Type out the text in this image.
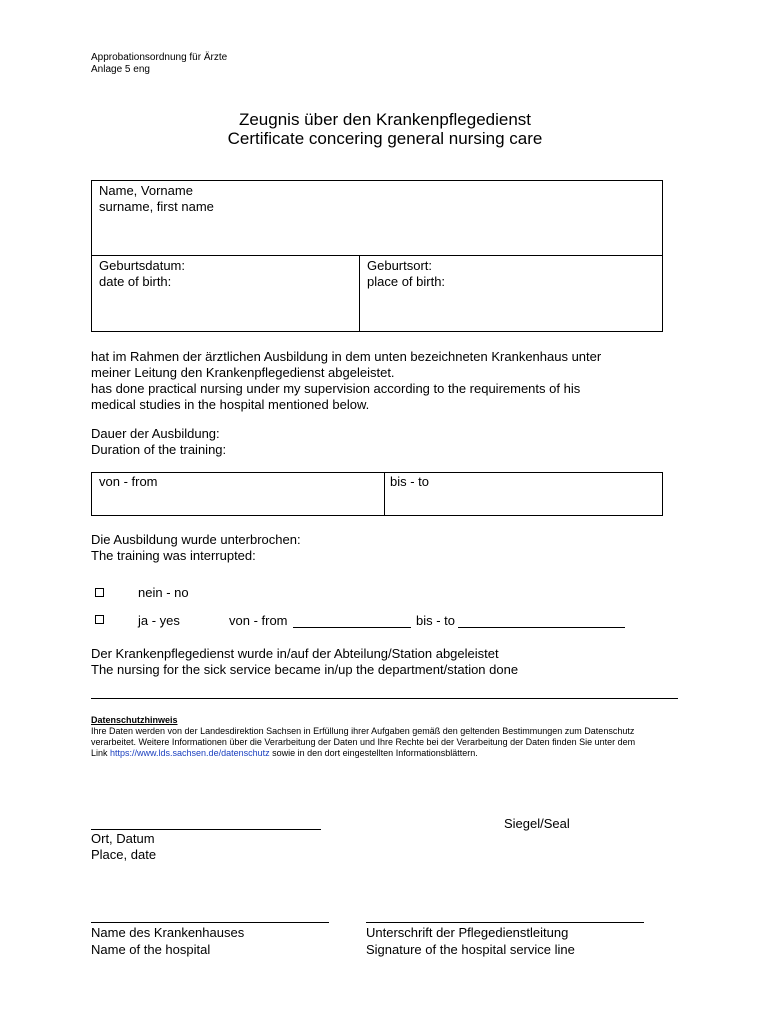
Approbationsordnung für Ärzte
Anlage 5 eng
Zeugnis über den Krankenpflegedienst
Certificate concering general nursing care
Name, Vorname
surname, first name
Geburtsdatum:
date of birth:
Geburtsort:
place of birth:
hat im Rahmen der ärztlichen Ausbildung in dem unten bezeichneten Krankenhaus unter
meiner Leitung den Krankenpflegedienst abgeleistet.
has done practical nursing under my supervision according to the requirements of his
medical studies in the hospital mentioned below.
Dauer der Ausbildung:
Duration of the training:
von - from	bis - to
Die Ausbildung wurde unterbrochen:
The training was interrupted:
nein - no
ja - yes	von - from	bis - to
Der Krankenpflegedienst wurde in/auf der Abteilung/Station abgeleistet
The nursing for the sick service became in/up the department/station done
Datenschutzhinweis
Ihre Daten werden von der Landesdirektion Sachsen in Erfüllung ihrer Aufgaben gemäß den geltenden Bestimmungen zum Datenschutz
verarbeitet. Weitere Informationen über die Verarbeitung der Daten und Ihre Rechte bei der Verarbeitung der Daten finden Sie unter dem
Link https://www.lds.sachsen.de/datenschutz sowie in den dort eingestellten Informationsblättern.
Siegel/Seal
Ort, Datum
Place, date
Name des Krankenhauses
Name of the hospital
Unterschrift der Pflegedienstleitung
Signature of the hospital service line
